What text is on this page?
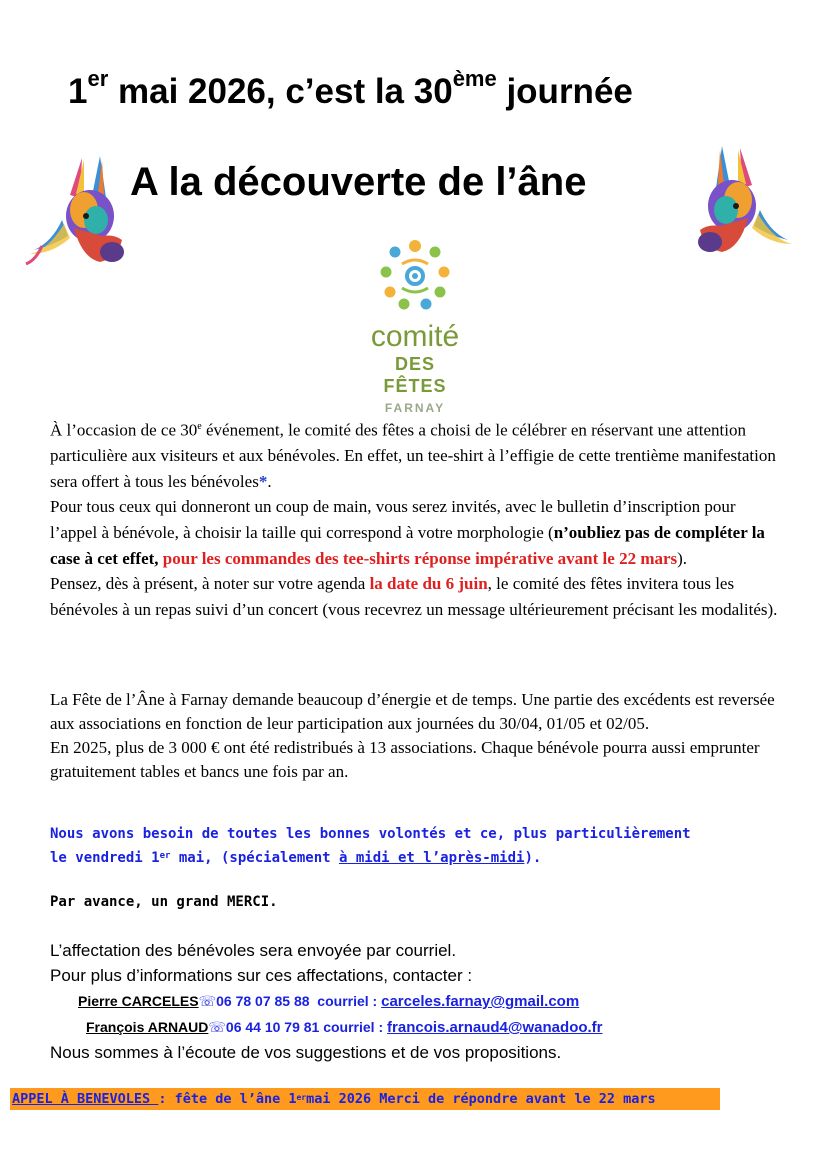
1er mai 2026, c’est la 30ème journée
A la découverte de l’âne
comité
DES FÊTES
FARNAY

À l’occasion de ce 30e événement, le comité des fêtes a choisi de le célébrer en réservant une attention particulière aux visiteurs et aux bénévoles. En effet, un tee-shirt à l’effigie de cette trentième manifestation sera offert à tous les bénévoles*.

Pour tous ceux qui donneront un coup de main, vous serez invités, avec le bulletin d’inscription pour l’appel à bénévole, à choisir la taille qui correspond à votre morphologie (n’oubliez pas de compléter la case à cet effet, pour les commandes des tee-shirts réponse impérative avant le 22 mars).

Pensez, dès à présent, à noter sur votre agenda la date du 6 juin, le comité des fêtes invitera tous les bénévoles à un repas suivi d’un concert (vous recevrez un message ultérieurement précisant les modalités).

La Fête de l’Âne à Farnay demande beaucoup d’énergie et de temps. Une partie des excédents est reversée aux associations en fonction de leur participation aux journées du 30/04, 01/05 et 02/05.

En 2025, plus de 3 000 € ont été redistribués à 13 associations. Chaque bénévole pourra aussi emprunter gratuitement tables et bancs une fois par an.

Nous avons besoin de toutes les bonnes volontés et ce, plus particulièrement
le vendredi 1er mai, (spécialement à midi et l’après-midi).
Par avance, un grand MERCI.
L’affectation des bénévoles sera envoyée par courriel.
Pour plus d’informations sur ces affectations, contacter :
Pierre CARCELES☏06 78 07 85 88  courriel : carceles.farnay@gmail.com
François ARNAUD☏06 44 10 79 81 courriel : francois.arnaud4@wanadoo.fr
Nous sommes à l’écoute de vos suggestions et de vos propositions.
APPEL À BENEVOLES : fête de l’âne 1ermai 2026 Merci de répondre avant le 22 mars
